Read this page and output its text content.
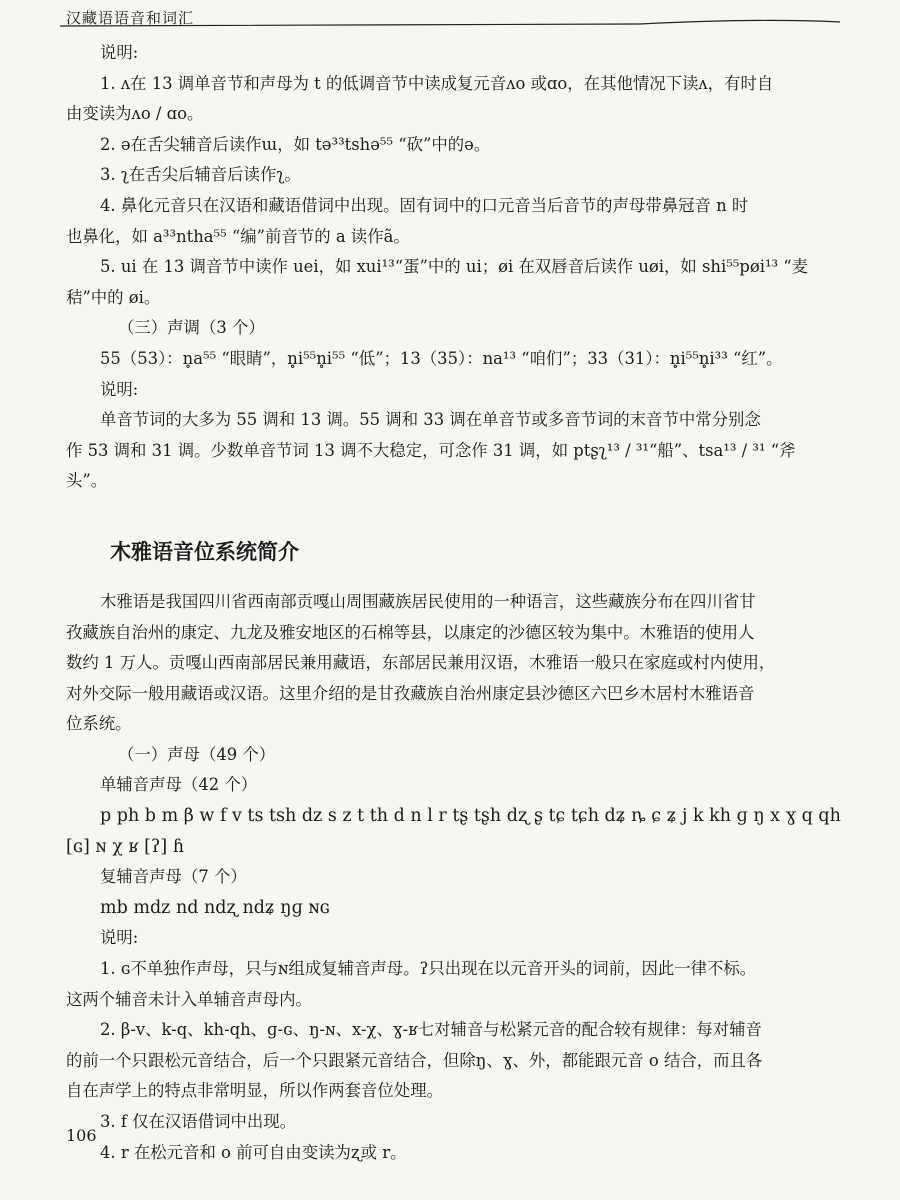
汉藏语语音和词汇

说明:

1. ʌ在 13 调单音节和声母为 t 的低调音节中读成复元音ʌo 或ɑo，在其他情况下读ʌ，有时自

由变读为ʌo / ɑo。

2. ə在舌尖辅音后读作ɯ，如 tə³³tshə⁵⁵ “砍”中的ə。

3. ʅ在舌尖后辅音后读作ʅ。

4. 鼻化元音只在汉语和藏语借词中出现。固有词中的口元音当后音节的声母带鼻冠音 n 时

也鼻化，如 a³³ntha⁵⁵ “编”前音节的 a 读作ã。

5. ui 在 13 调音节中读作 uei，如 xui¹³“蛋”中的 ui；øi 在双唇音后读作 uøi，如 shi⁵⁵pøi¹³ “麦

秸”中的 øi。

（三）声调（3 个）

55（53）：n̥a⁵⁵ “眼睛”，n̥i⁵⁵n̥i⁵⁵ “低”；13（35）：na¹³ “咱们”；33（31）：n̥i⁵⁵n̥i³³ “红”。

说明:

单音节词的大多为 55 调和 13 调。55 调和 33 调在单音节或多音节词的末音节中常分别念

作 53 调和 31 调。少数单音节词 13 调不大稳定，可念作 31 调，如 ptʂʅ¹³ / ³¹“船”、tsa¹³ / ³¹ “斧

头”。

木雅语音位系统简介

木雅语是我国四川省西南部贡嘎山周围藏族居民使用的一种语言，这些藏族分布在四川省甘

孜藏族自治州的康定、九龙及雅安地区的石棉等县，以康定的沙德区较为集中。木雅语的使用人

数约 1 万人。贡嘎山西南部居民兼用藏语，东部居民兼用汉语，木雅语一般只在家庭或村内使用，

对外交际一般用藏语或汉语。这里介绍的是甘孜藏族自治州康定县沙德区六巴乡木居村木雅语音

位系统。

（一）声母（49 个）

单辅音声母（42 个）

p ph b m β w f v ts tsh dz s z t th d n l r tʂ tʂh dʐ ʂ tɕ tɕh dʑ ȵ ɕ ʑ j k kh ɡ ŋ x ɣ q qh

[ɢ] ɴ χ ʁ [ʔ] ɦ

复辅音声母（7 个）

mb mdz nd ndʐ ndʑ ŋɡ ɴɢ

说明:

1. ɢ不单独作声母，只与ɴ组成复辅音声母。ʔ只出现在以元音开头的词前，因此一律不标。

这两个辅音未计入单辅音声母内。

2. β-v、k-q、kh-qh、ɡ-ɢ、ŋ-ɴ、x-χ、ɣ-ʁ七对辅音与松紧元音的配合较有规律：每对辅音

的前一个只跟松元音结合，后一个只跟紧元音结合，但除ŋ、ɣ、外，都能跟元音 o 结合，而且各

自在声学上的特点非常明显，所以作两套音位处理。

3. f 仅在汉语借词中出现。

4. r 在松元音和 o 前可自由变读为ʐ或 r。

106
